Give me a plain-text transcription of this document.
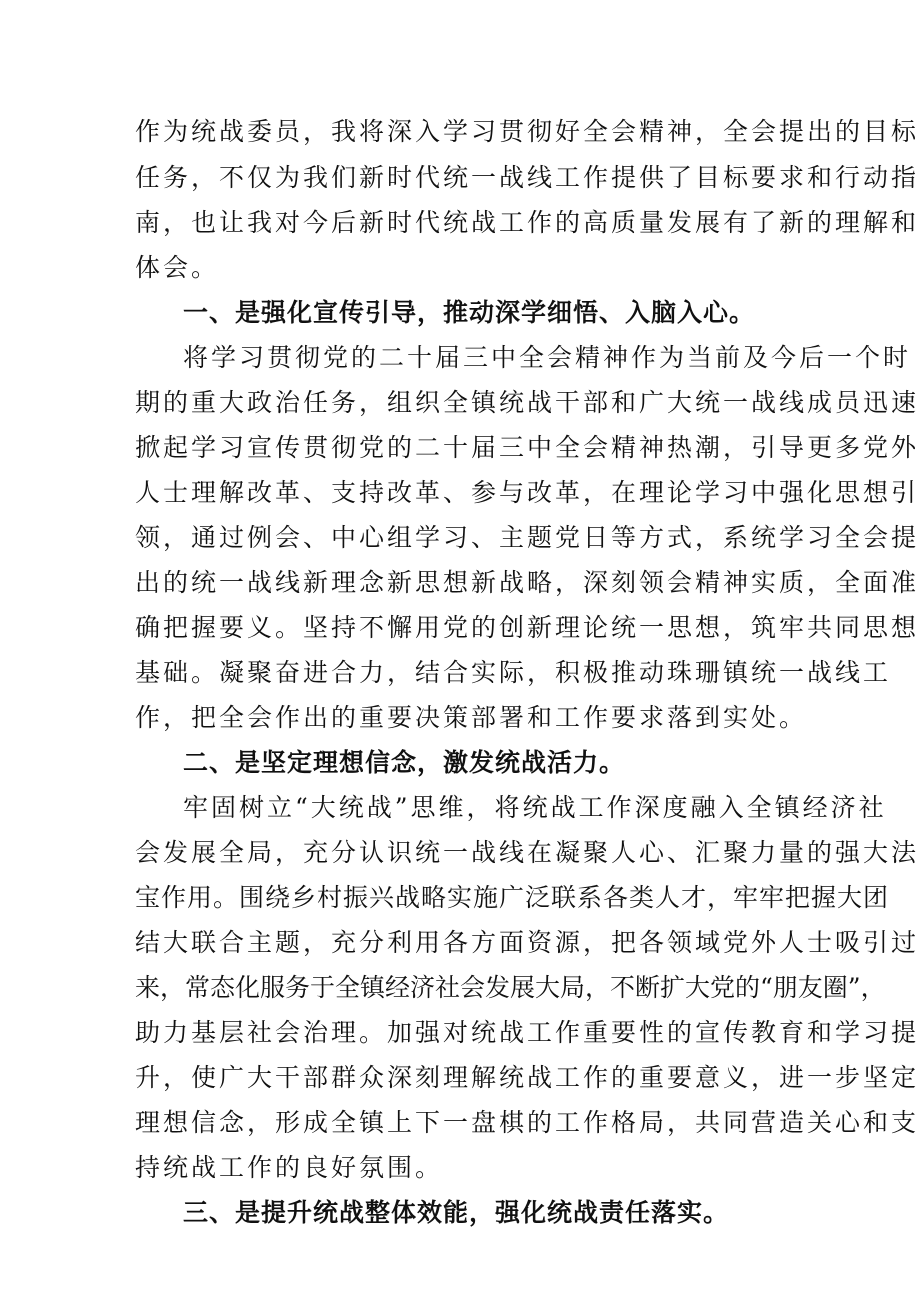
作为统战委员，我将深入学习贯彻好全会精神，全会提出的目标
任务，不仅为我们新时代统一战线工作提供了目标要求和行动指
南，也让我对今后新时代统战工作的高质量发展有了新的理解和
体会。
一、是强化宣传引导，推动深学细悟、入脑入心。
将学习贯彻党的二十届三中全会精神作为当前及今后一个时
期的重大政治任务，组织全镇统战干部和广大统一战线成员迅速
掀起学习宣传贯彻党的二十届三中全会精神热潮，引导更多党外
人士理解改革、支持改革、参与改革，在理论学习中强化思想引
领，通过例会、中心组学习、主题党日等方式，系统学习全会提
出的统一战线新理念新思想新战略，深刻领会精神实质，全面准
确把握要义。坚持不懈用党的创新理论统一思想，筑牢共同思想
基础。凝聚奋进合力，结合实际，积极推动珠珊镇统一战线工
作，把全会作出的重要决策部署和工作要求落到实处。
二、是坚定理想信念，激发统战活力。
牢固树立“大统战”思维，将统战工作深度融入全镇经济社
会发展全局，充分认识统一战线在凝聚人心、汇聚力量的强大法
宝作用。围绕乡村振兴战略实施广泛联系各类人才，牢牢把握大团
结大联合主题，充分利用各方面资源，把各领域党外人士吸引过
来，常态化服务于全镇经济社会发展大局，不断扩大党的“朋友圈”，
助力基层社会治理。加强对统战工作重要性的宣传教育和学习提
升，使广大干部群众深刻理解统战工作的重要意义，进一步坚定
理想信念，形成全镇上下一盘棋的工作格局，共同营造关心和支
持统战工作的良好氛围。
三、是提升统战整体效能，强化统战责任落实。
